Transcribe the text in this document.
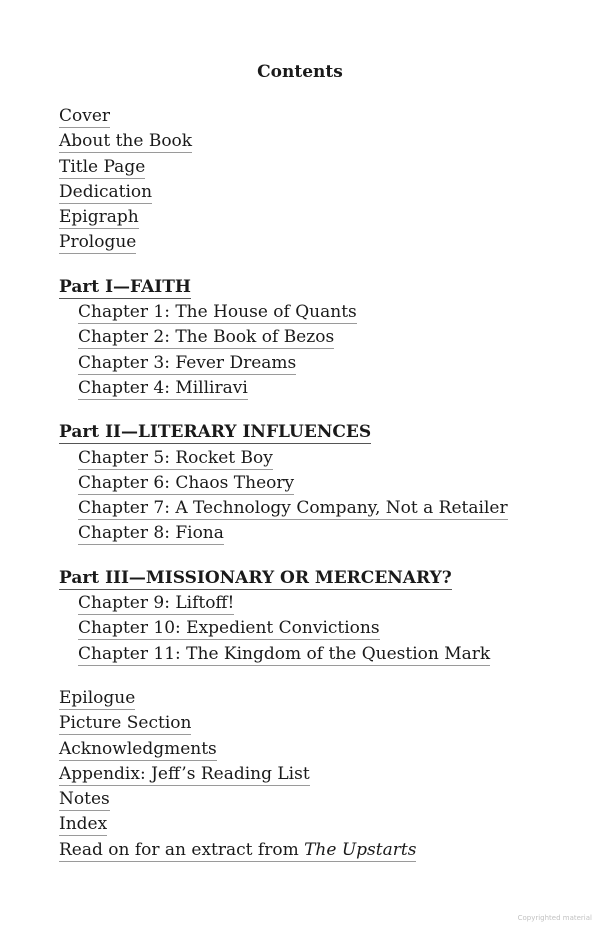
Contents
Cover
About the Book
Title Page
Dedication
Epigraph
Prologue
Part I—FAITH
Chapter 1: The House of Quants
Chapter 2: The Book of Bezos
Chapter 3: Fever Dreams
Chapter 4: Milliravi
Part II—LITERARY INFLUENCES
Chapter 5: Rocket Boy
Chapter 6: Chaos Theory
Chapter 7: A Technology Company, Not a Retailer
Chapter 8: Fiona
Part III—MISSIONARY OR MERCENARY?
Chapter 9: Liftoff!
Chapter 10: Expedient Convictions
Chapter 11: The Kingdom of the Question Mark
Epilogue
Picture Section
Acknowledgments
Appendix: Jeff’s Reading List
Notes
Index
Read on for an extract from The Upstarts
Copyrighted material
